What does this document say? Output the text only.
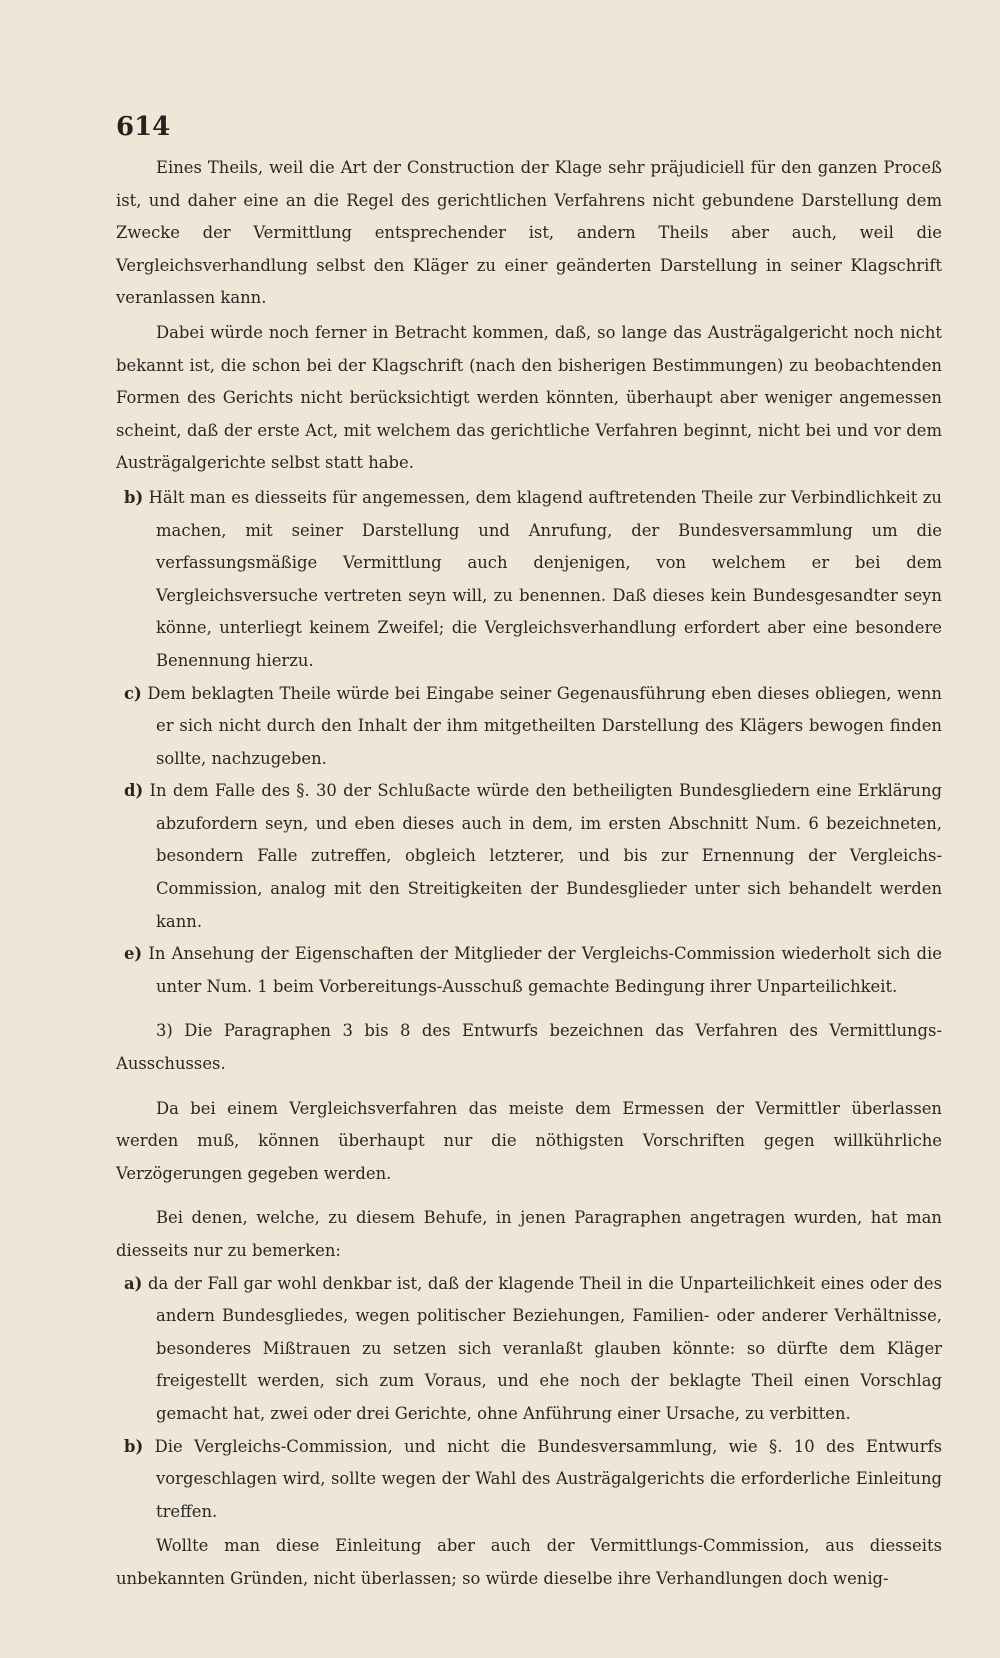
614

Eines Theils, weil die Art der Construction der Klage sehr präjudiciell für den ganzen Proceß ist, und daher eine an die Regel des gerichtlichen Verfahrens nicht gebundene Darstellung dem Zwecke der Vermittlung entsprechender ist, andern Theils aber auch, weil die Vergleichsverhandlung selbst den Kläger zu einer geänderten Darstellung in seiner Klagschrift veranlassen kann.

Dabei würde noch ferner in Betracht kommen, daß, so lange das Austrägalgericht noch nicht bekannt ist, die schon bei der Klagschrift (nach den bisherigen Bestimmungen) zu beobachtenden Formen des Gerichts nicht berücksichtigt werden könnten, überhaupt aber weniger angemessen scheint, daß der erste Act, mit welchem das gerichtliche Verfahren beginnt, nicht bei und vor dem Austrägalgerichte selbst statt habe.

b) Hält man es diesseits für angemessen, dem klagend auftretenden Theile zur Verbindlichkeit zu machen, mit seiner Darstellung und Anrufung, der Bundesversammlung um die verfassungsmäßige Vermittlung auch denjenigen, von welchem er bei dem Vergleichsversuche vertreten seyn will, zu benennen. Daß dieses kein Bundesgesandter seyn könne, unterliegt keinem Zweifel; die Vergleichsverhandlung erfordert aber eine besondere Benennung hierzu.

c) Dem beklagten Theile würde bei Eingabe seiner Gegenausführung eben dieses obliegen, wenn er sich nicht durch den Inhalt der ihm mitgetheilten Darstellung des Klägers bewogen finden sollte, nachzugeben.

d) In dem Falle des §. 30 der Schlußacte würde den betheiligten Bundesgliedern eine Erklärung abzufordern seyn, und eben dieses auch in dem, im ersten Abschnitt Num. 6 bezeichneten, besondern Falle zutreffen, obgleich letzterer, und bis zur Ernennung der Vergleichs-Commission, analog mit den Streitigkeiten der Bundesglieder unter sich behandelt werden kann.

e) In Ansehung der Eigenschaften der Mitglieder der Vergleichs-Commission wiederholt sich die unter Num. 1 beim Vorbereitungs-Ausschuß gemachte Bedingung ihrer Unparteilichkeit.

3) Die Paragraphen 3 bis 8 des Entwurfs bezeichnen das Verfahren des Vermittlungs-Ausschusses.

Da bei einem Vergleichsverfahren das meiste dem Ermessen der Vermittler überlassen werden muß, können überhaupt nur die nöthigsten Vorschriften gegen willkührliche Verzögerungen gegeben werden.

Bei denen, welche, zu diesem Behufe, in jenen Paragraphen angetragen wurden, hat man diesseits nur zu bemerken:

a) da der Fall gar wohl denkbar ist, daß der klagende Theil in die Unparteilichkeit eines oder des andern Bundesgliedes, wegen politischer Beziehungen, Familien- oder anderer Verhältnisse, besonderes Mißtrauen zu setzen sich veranlaßt glauben könnte: so dürfte dem Kläger freigestellt werden, sich zum Voraus, und ehe noch der beklagte Theil einen Vorschlag gemacht hat, zwei oder drei Gerichte, ohne Anführung einer Ursache, zu verbitten.

b) Die Vergleichs-Commission, und nicht die Bundesversammlung, wie §. 10 des Entwurfs vorgeschlagen wird, sollte wegen der Wahl des Austrägalgerichts die erforderliche Einleitung treffen.

Wollte man diese Einleitung aber auch der Vermittlungs-Commission, aus diesseits unbekannten Gründen, nicht überlassen; so würde dieselbe ihre Verhandlungen doch wenig-
